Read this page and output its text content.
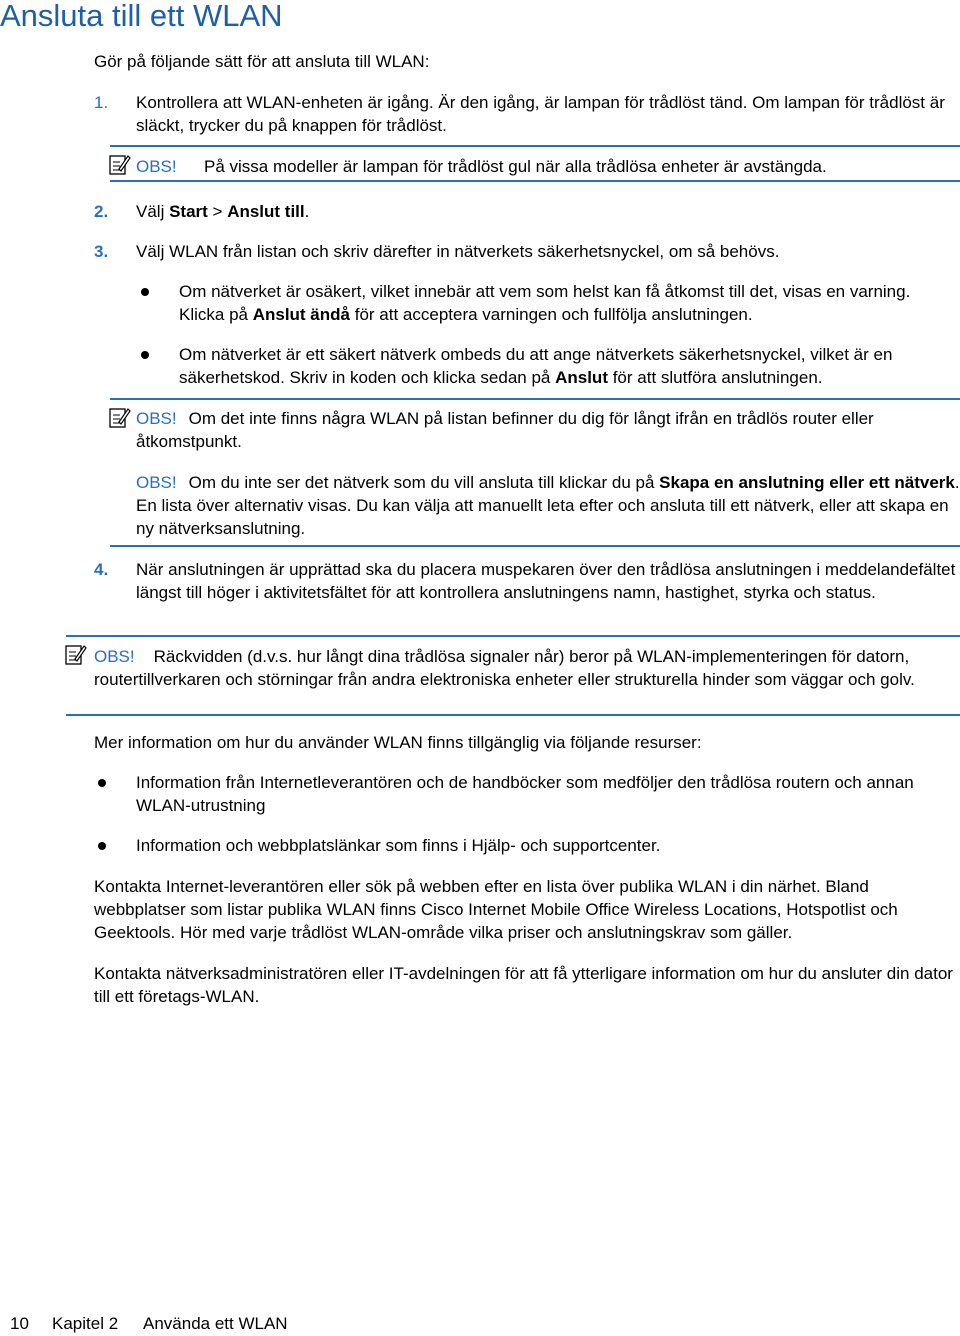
Ansluta till ett WLAN
Gör på följande sätt för att ansluta till WLAN:
1. Kontrollera att WLAN-enheten är igång. Är den igång, är lampan för trådlöst tänd. Om lampan för trådlöst är släckt, trycker du på knappen för trådlöst.
OBS! På vissa modeller är lampan för trådlöst gul när alla trådlösa enheter är avstängda.
2. Välj Start > Anslut till.
3. Välj WLAN från listan och skriv därefter in nätverkets säkerhetsnyckel, om så behövs.
Om nätverket är osäkert, vilket innebär att vem som helst kan få åtkomst till det, visas en varning. Klicka på Anslut ändå för att acceptera varningen och fullfölja anslutningen.
Om nätverket är ett säkert nätverk ombeds du att ange nätverkets säkerhetsnyckel, vilket är en säkerhetskod. Skriv in koden och klicka sedan på Anslut för att slutföra anslutningen.
OBS! Om det inte finns några WLAN på listan befinner du dig för långt ifrån en trådlös router eller åtkomstpunkt.
OBS! Om du inte ser det nätverk som du vill ansluta till klickar du på Skapa en anslutning eller ett nätverk. En lista över alternativ visas. Du kan välja att manuellt leta efter och ansluta till ett nätverk, eller att skapa en ny nätverksanslutning.
4. När anslutningen är upprättad ska du placera muspekaren över den trådlösa anslutningen i meddelandefältet längst till höger i aktivitetsfältet för att kontrollera anslutningens namn, hastighet, styrka och status.
OBS! Räckvidden (d.v.s. hur långt dina trådlösa signaler når) beror på WLAN-implementeringen för datorn, routertillverkaren och störningar från andra elektroniska enheter eller strukturella hinder som väggar och golv.
Mer information om hur du använder WLAN finns tillgänglig via följande resurser:
Information från Internetleverantören och de handböcker som medföljer den trådlösa routern och annan WLAN-utrustning
Information och webbplatslänkar som finns i Hjälp- och supportcenter.
Kontakta Internet-leverantören eller sök på webben efter en lista över publika WLAN i din närhet. Bland webbplatser som listar publika WLAN finns Cisco Internet Mobile Office Wireless Locations, Hotspotlist och Geektools. Hör med varje trådlöst WLAN-område vilka priser och anslutningskrav som gäller.
Kontakta nätverksadministratören eller IT-avdelningen för att få ytterligare information om hur du ansluter din dator till ett företags-WLAN.
10 Kapitel 2 Använda ett WLAN
